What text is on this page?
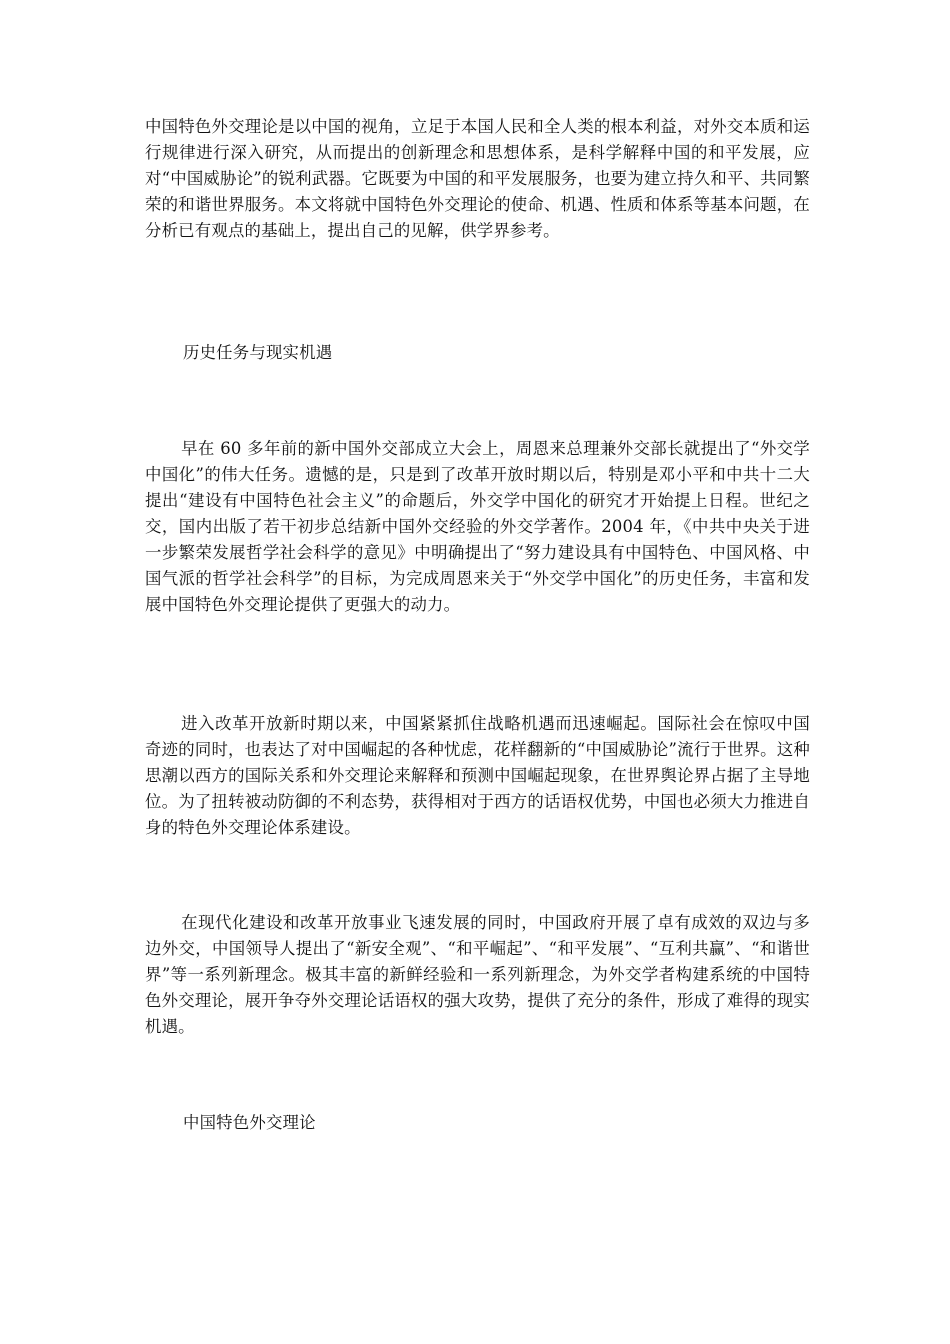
中国特色外交理论是以中国的视角，立足于本国人民和全人类的根本利益，对外交本质和运行规律进行深入研究，从而提出的创新理念和思想体系，是科学解释中国的和平发展，应对“中国威胁论”的锐利武器。它既要为中国的和平发展服务，也要为建立持久和平、共同繁荣的和谐世界服务。本文将就中国特色外交理论的使命、机遇、性质和体系等基本问题，在分析已有观点的基础上，提出自己的见解，供学界参考。

历史任务与现实机遇

早在 60 多年前的新中国外交部成立大会上，周恩来总理兼外交部长就提出了“外交学中国化”的伟大任务。遗憾的是，只是到了改革开放时期以后，特别是邓小平和中共十二大提出“建设有中国特色社会主义”的命题后，外交学中国化的研究才开始提上日程。世纪之交，国内出版了若干初步总结新中国外交经验的外交学著作。2004 年，《中共中央关于进一步繁荣发展哲学社会科学的意见》中明确提出了“努力建设具有中国特色、中国风格、中国气派的哲学社会科学”的目标，为完成周恩来关于“外交学中国化”的历史任务，丰富和发展中国特色外交理论提供了更强大的动力。

进入改革开放新时期以来，中国紧紧抓住战略机遇而迅速崛起。国际社会在惊叹中国奇迹的同时，也表达了对中国崛起的各种忧虑，花样翻新的“中国威胁论”流行于世界。这种思潮以西方的国际关系和外交理论来解释和预测中国崛起现象，在世界舆论界占据了主导地位。为了扭转被动防御的不利态势，获得相对于西方的话语权优势，中国也必须大力推进自身的特色外交理论体系建设。

在现代化建设和改革开放事业飞速发展的同时，中国政府开展了卓有成效的双边与多边外交，中国领导人提出了“新安全观”、“和平崛起”、“和平发展”、“互利共赢”、“和谐世界”等一系列新理念。极其丰富的新鲜经验和一系列新理念，为外交学者构建系统的中国特色外交理论，展开争夺外交理论话语权的强大攻势，提供了充分的条件，形成了难得的现实机遇。

中国特色外交理论
